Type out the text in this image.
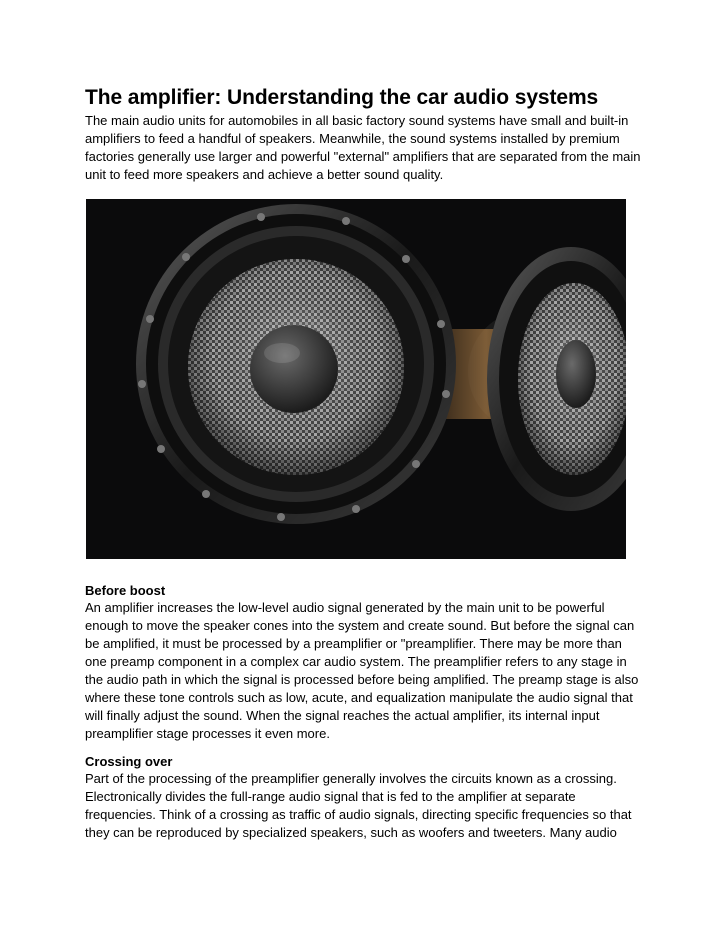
The amplifier: Understanding the car audio systems

The main audio units for automobiles in all basic factory sound systems have small and built-in amplifiers to feed a handful of speakers. Meanwhile, the sound systems installed by premium factories generally use larger and powerful "external" amplifiers that are separated from the main unit to feed more speakers and achieve a better sound quality.

Before boost

An amplifier increases the low-level audio signal generated by the main unit to be powerful enough to move the speaker cones into the system and create sound. But before the signal can be amplified, it must be processed by a preamplifier or "preamplifier. There may be more than one preamp component in a complex car audio system. The preamplifier refers to any stage in the audio path in which the signal is processed before being amplified. The preamp stage is also where these tone controls such as low, acute, and equalization manipulate the audio signal that will finally adjust the sound. When the signal reaches the actual amplifier, its internal input preamplifier stage processes it even more.

Crossing over

Part of the processing of the preamplifier generally involves the circuits known as a crossing. Electronically divides the full-range audio signal that is fed to the amplifier at separate frequencies. Think of a crossing as traffic of audio signals, directing specific frequencies so that they can be reproduced by specialized speakers, such as woofers and tweeters. Many audio
